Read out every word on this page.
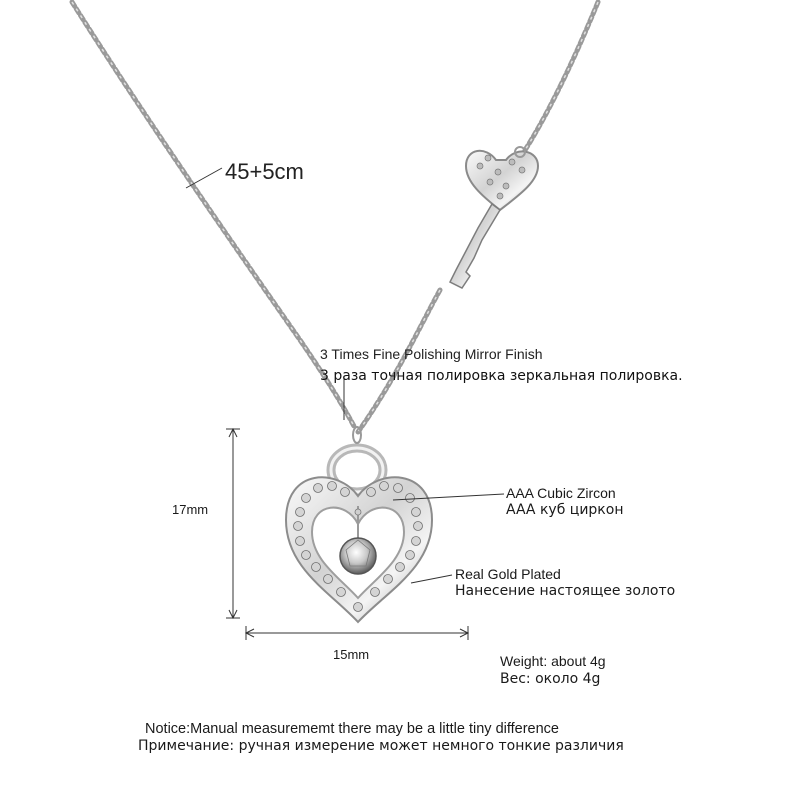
45+5cm
3 Times Fine Polishing Mirror Finish
3 раза точная полировка зеркальная полировка.
AAA Cubic Zircon
AAA куб циркон
Real Gold Plated
Нанесение настоящее золото
17mm
15mm	Weight: about 4g
Вес: около 4g
Notice:Manual measurememt there may be a little tiny difference
Примечание: ручная измерение может немного тонкие различия
